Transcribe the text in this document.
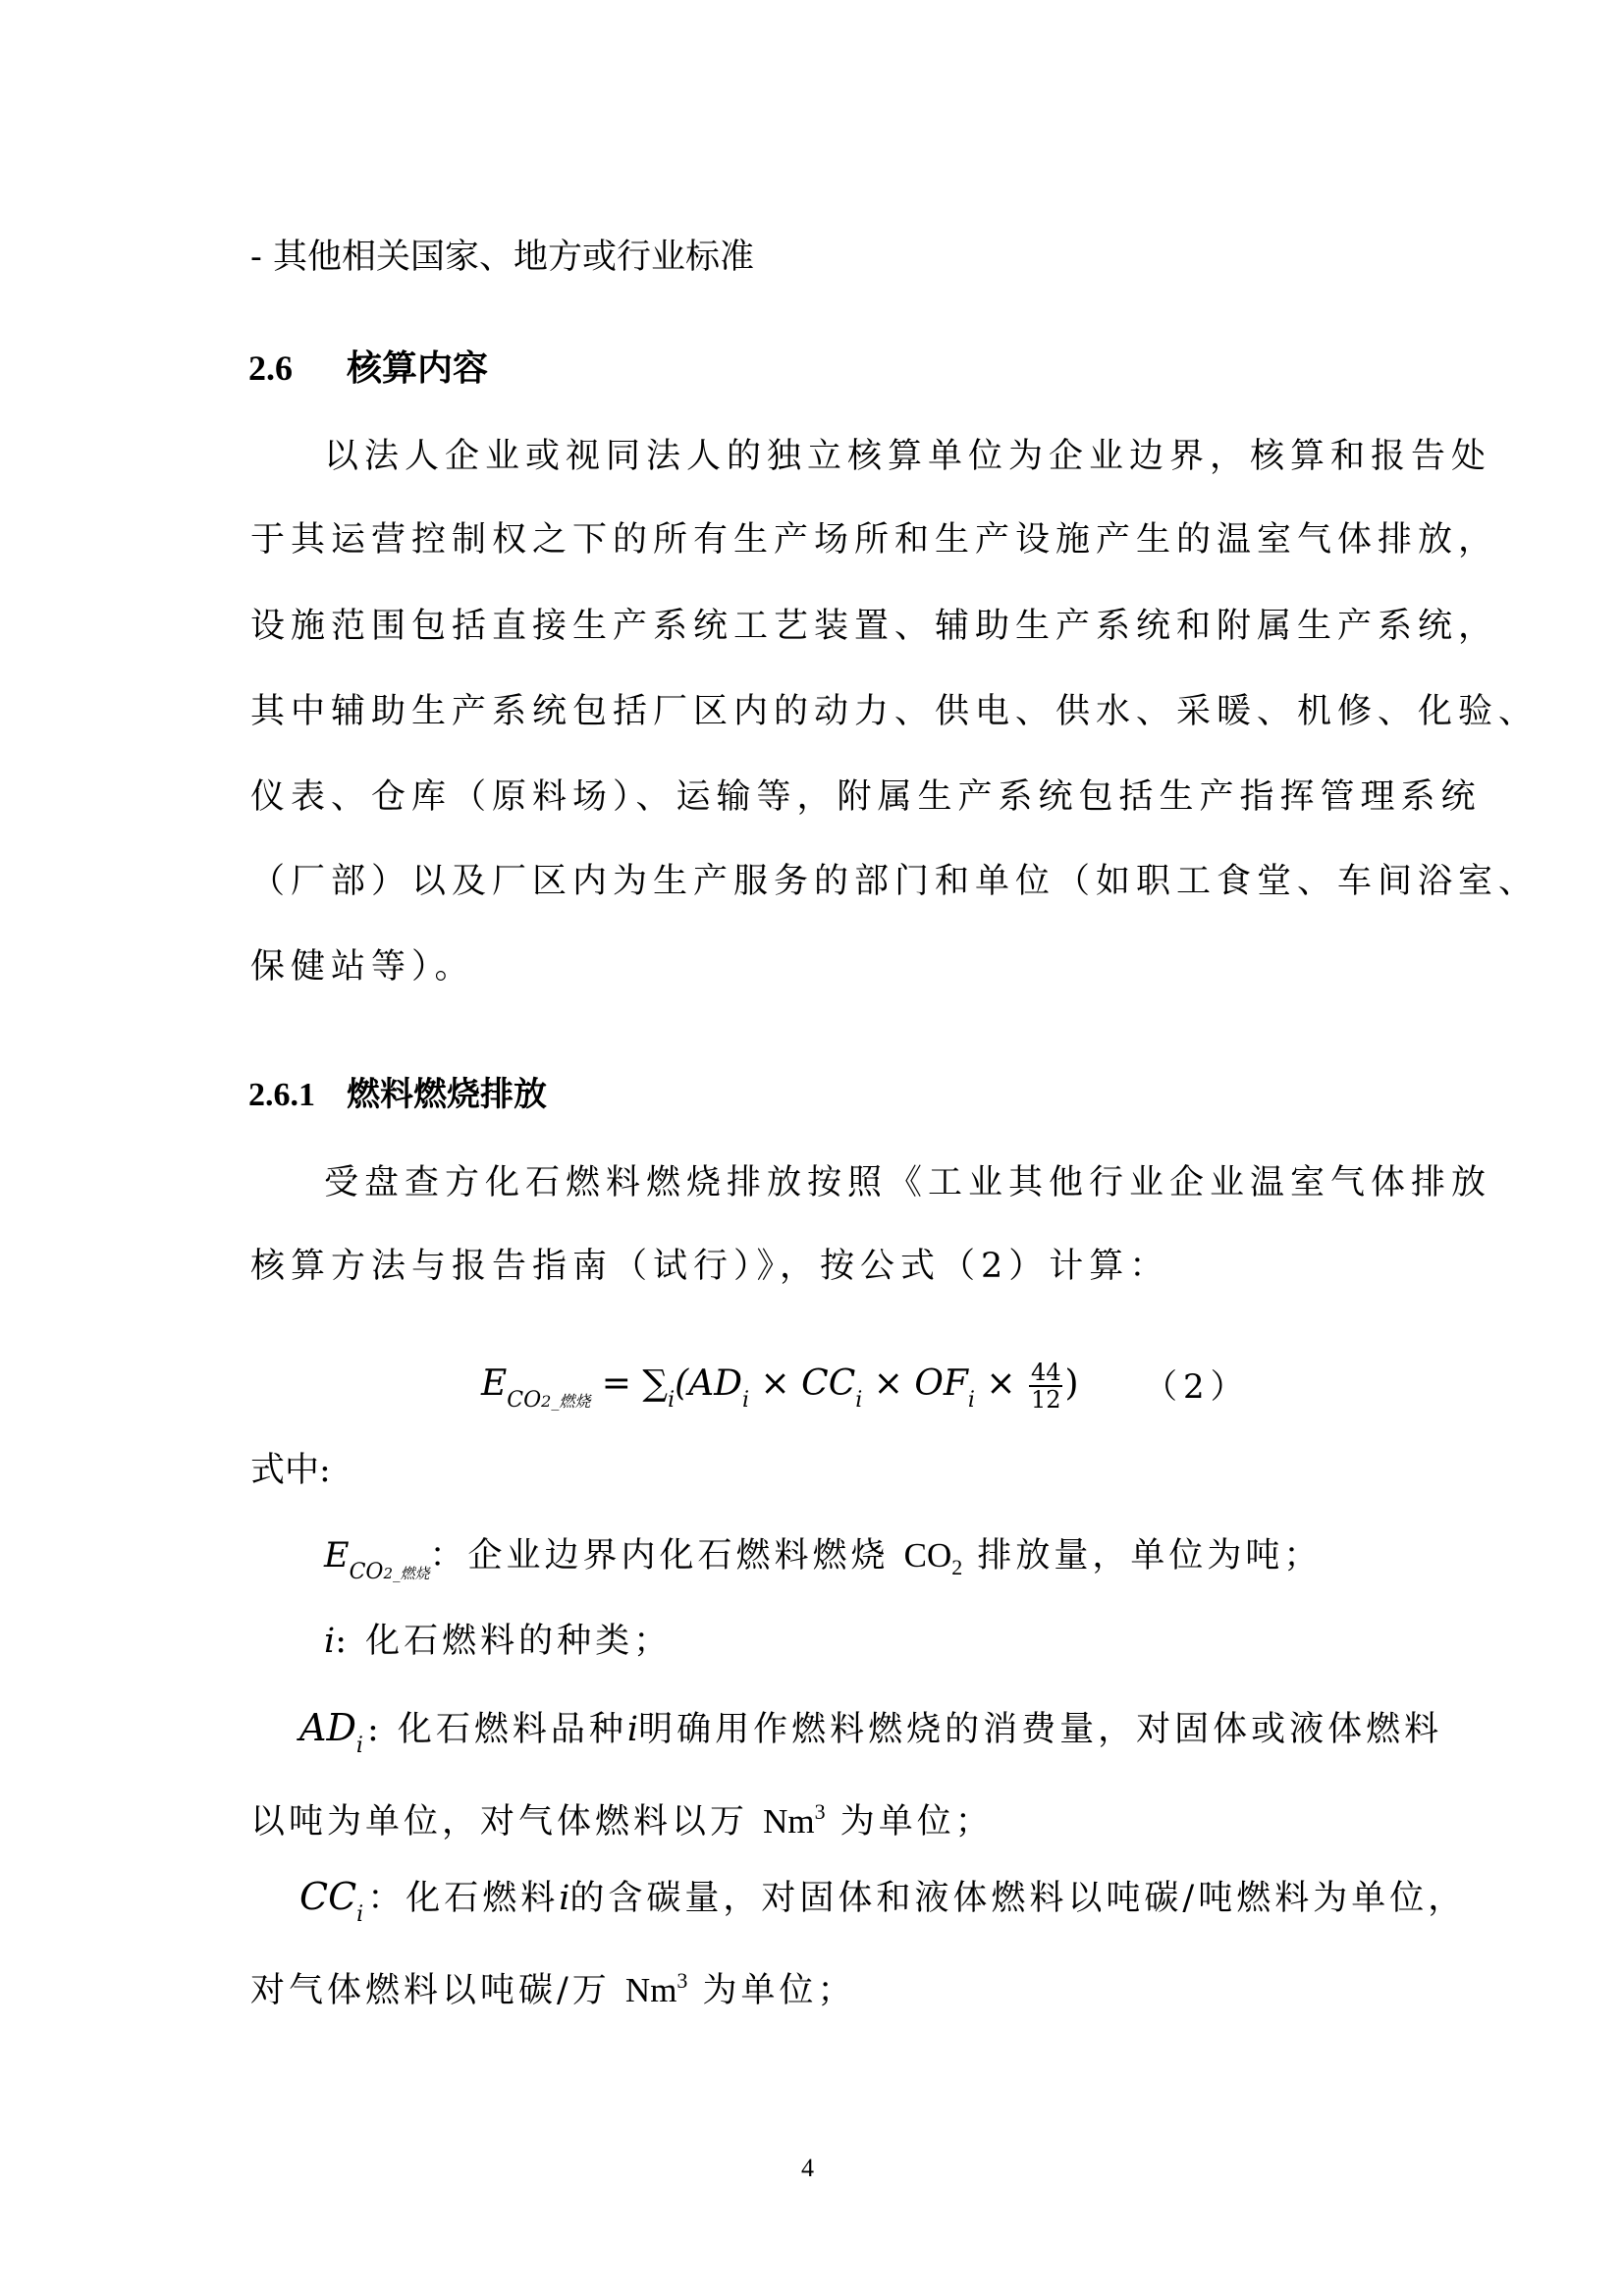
- 其他相关国家、地方或行业标准
2.6 核算内容
以法人企业或视同法人的独立核算单位为企业边界，核算和报告处
于其运营控制权之下的所有生产场所和生产设施产生的温室气体排放，
设施范围包括直接生产系统工艺装置、辅助生产系统和附属生产系统，
其中辅助生产系统包括厂区内的动力、供电、供水、采暖、机修、化验、
仪表、仓库（原料场）、运输等，附属生产系统包括生产指挥管理系统
（厂部）以及厂区内为生产服务的部门和单位（如职工食堂、车间浴室、
保健站等）。
2.6.1 燃料燃烧排放
受盘查方化石燃料燃烧排放按照《工业其他行业企业温室气体排放
核算方法与报告指南（试行）》，按公式（2）计算：
$E_{CO2\_燃烧} = \sum_i(AD_i \times CC_i \times OF_i \times \frac{44}{12}$ ) （2）
式中:
$E_{CO2\_燃烧}$：企业边界内化石燃料燃烧 $CO_2$ 排放量，单位为吨；
i: 化石燃料的种类；
$AD_i$: 化石燃料品种i明确用作燃料燃烧的消费量，对固体或液体燃料
以吨为单位，对气体燃料以万 Nm$^3$ 为单位；
$CC_i$：化石燃料i的含碳量，对固体和液体燃料以吨碳/吨燃料为单位，
对气体燃料以吨碳/万 Nm$^3$ 为单位；
4
